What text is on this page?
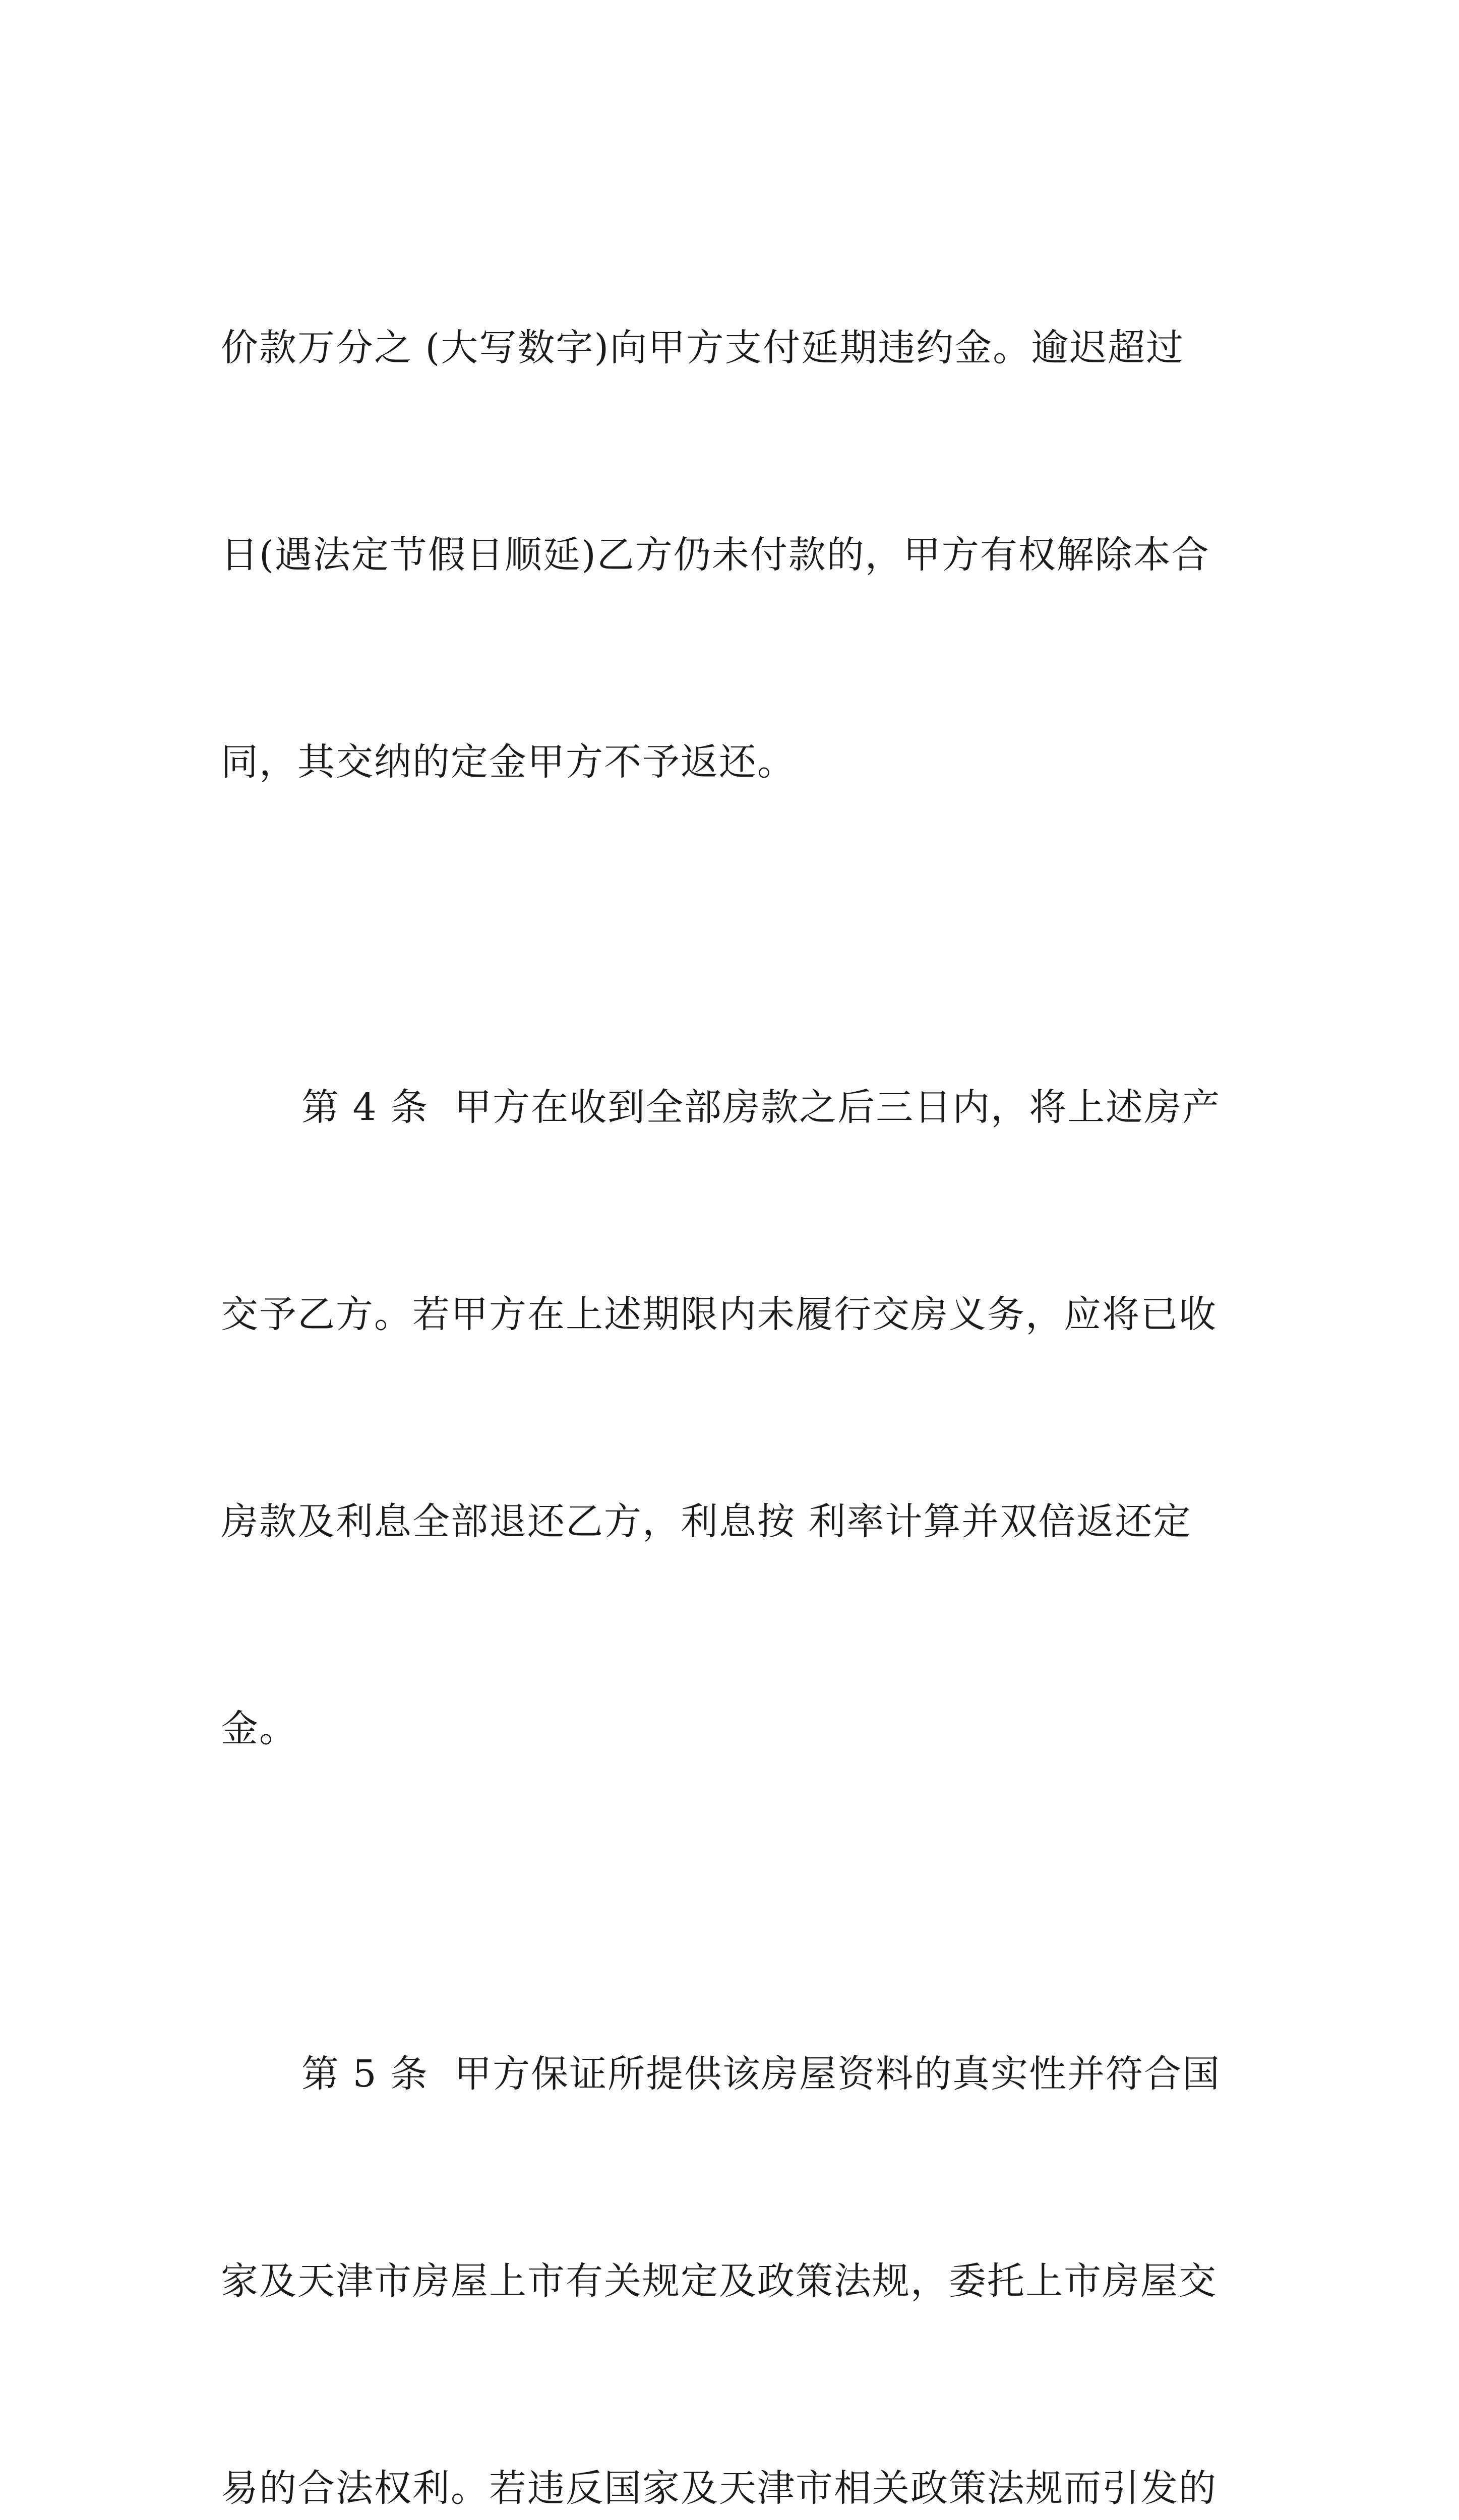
价款万分之 (大写数字)向甲方支付延期违约金。逾迟超过

日(遇法定节假日顺延)乙方仍未付款的，甲方有权解除本合

同，其交纳的定金甲方不予返还。

第 4 条  甲方在收到全部房款之后三日内，将上述房产

交予乙方。若甲方在上述期限内未履行交房义务，应将已收

房款及利息全部退还乙方，利息按 利率计算并双倍返还定

金。

第 5 条  甲方保证所提供该房屋资料的真实性并符合国

家及天津市房屋上市有关规定及政策法规，委托上市房屋交

易的合法权利。若违反国家及天津市相关政策法规而引发的
